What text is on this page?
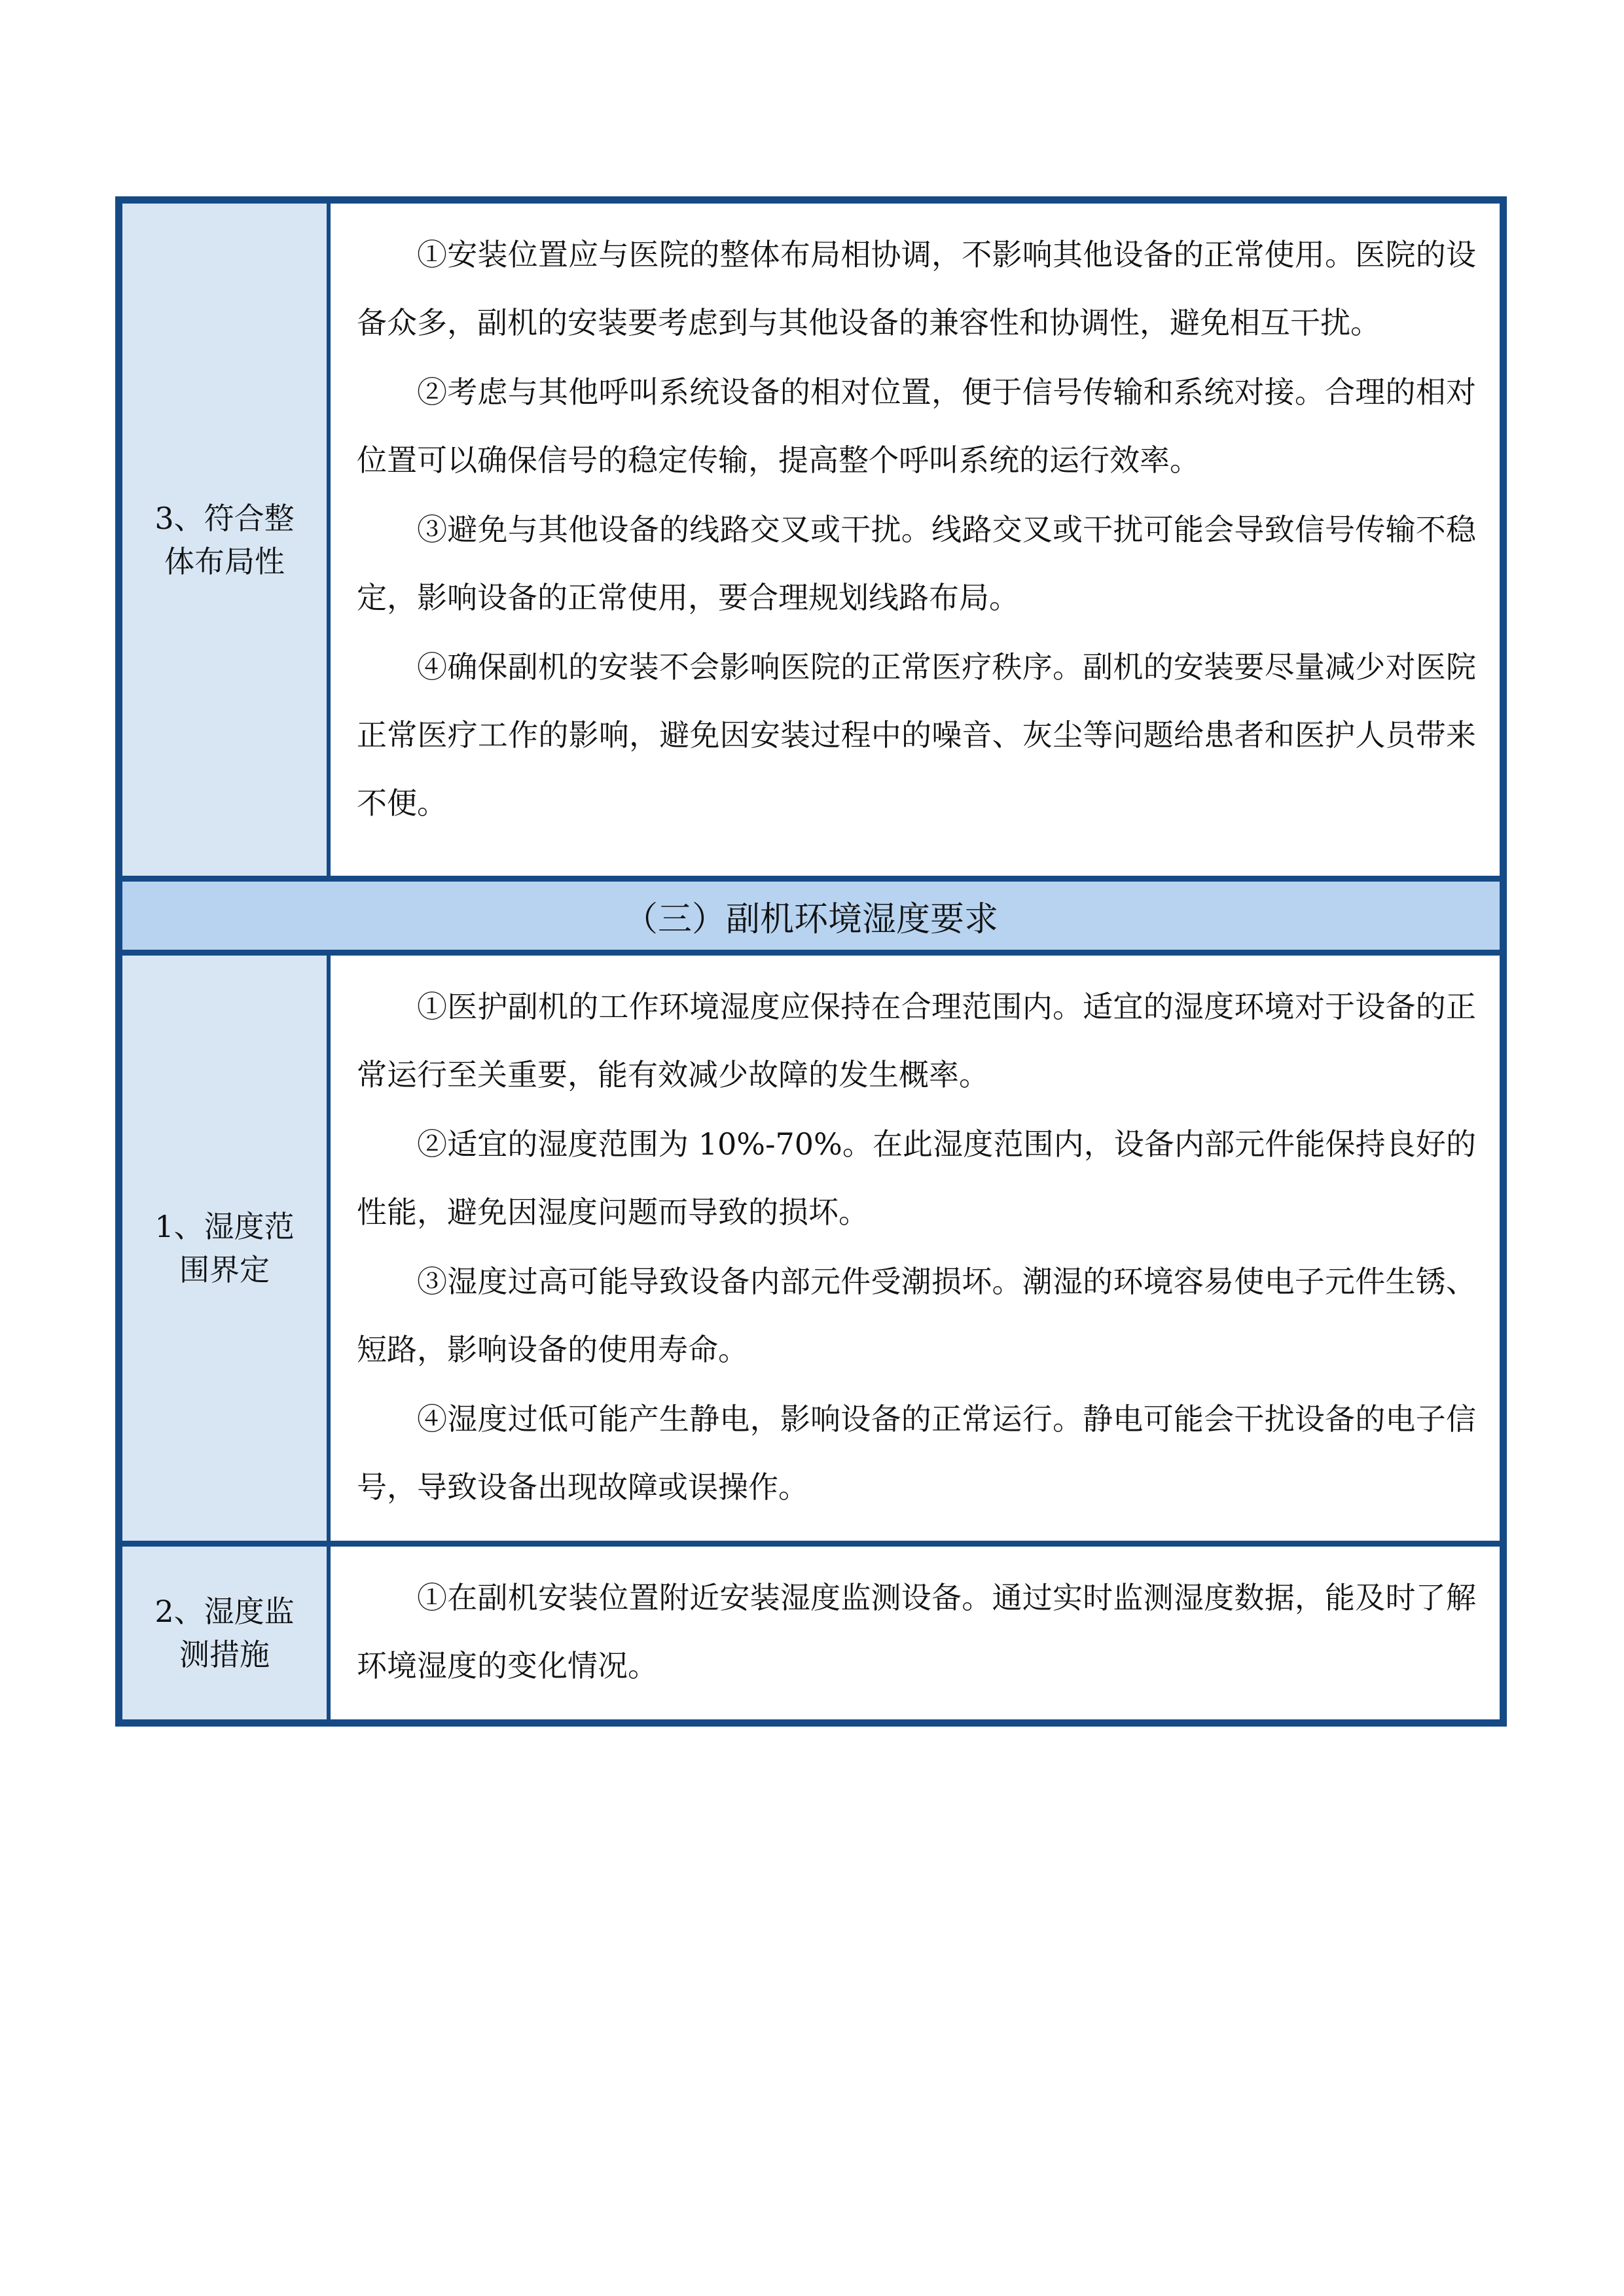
3、符合整体布局性

①安装位置应与医院的整体布局相协调，不影响其他设备的正常使用。医院的设备众多，副机的安装要考虑到与其他设备的兼容性和协调性，避免相互干扰。

②考虑与其他呼叫系统设备的相对位置，便于信号传输和系统对接。合理的相对位置可以确保信号的稳定传输，提高整个呼叫系统的运行效率。

③避免与其他设备的线路交叉或干扰。线路交叉或干扰可能会导致信号传输不稳定，影响设备的正常使用，要合理规划线路布局。

④确保副机的安装不会影响医院的正常医疗秩序。副机的安装要尽量减少对医院正常医疗工作的影响，避免因安装过程中的噪音、灰尘等问题给患者和医护人员带来不便。

（三）副机环境湿度要求
1、湿度范围界定

①医护副机的工作环境湿度应保持在合理范围内。适宜的湿度环境对于设备的正常运行至关重要，能有效减少故障的发生概率。

②适宜的湿度范围为 10%-70%。在此湿度范围内，设备内部元件能保持良好的性能，避免因湿度问题而导致的损坏。

③湿度过高可能导致设备内部元件受潮损坏。潮湿的环境容易使电子元件生锈、短路，影响设备的使用寿命。

④湿度过低可能产生静电，影响设备的正常运行。静电可能会干扰设备的电子信号，导致设备出现故障或误操作。

2、湿度监测措施

①在副机安装位置附近安装湿度监测设备。通过实时监测湿度数据，能及时了解环境湿度的变化情况。
